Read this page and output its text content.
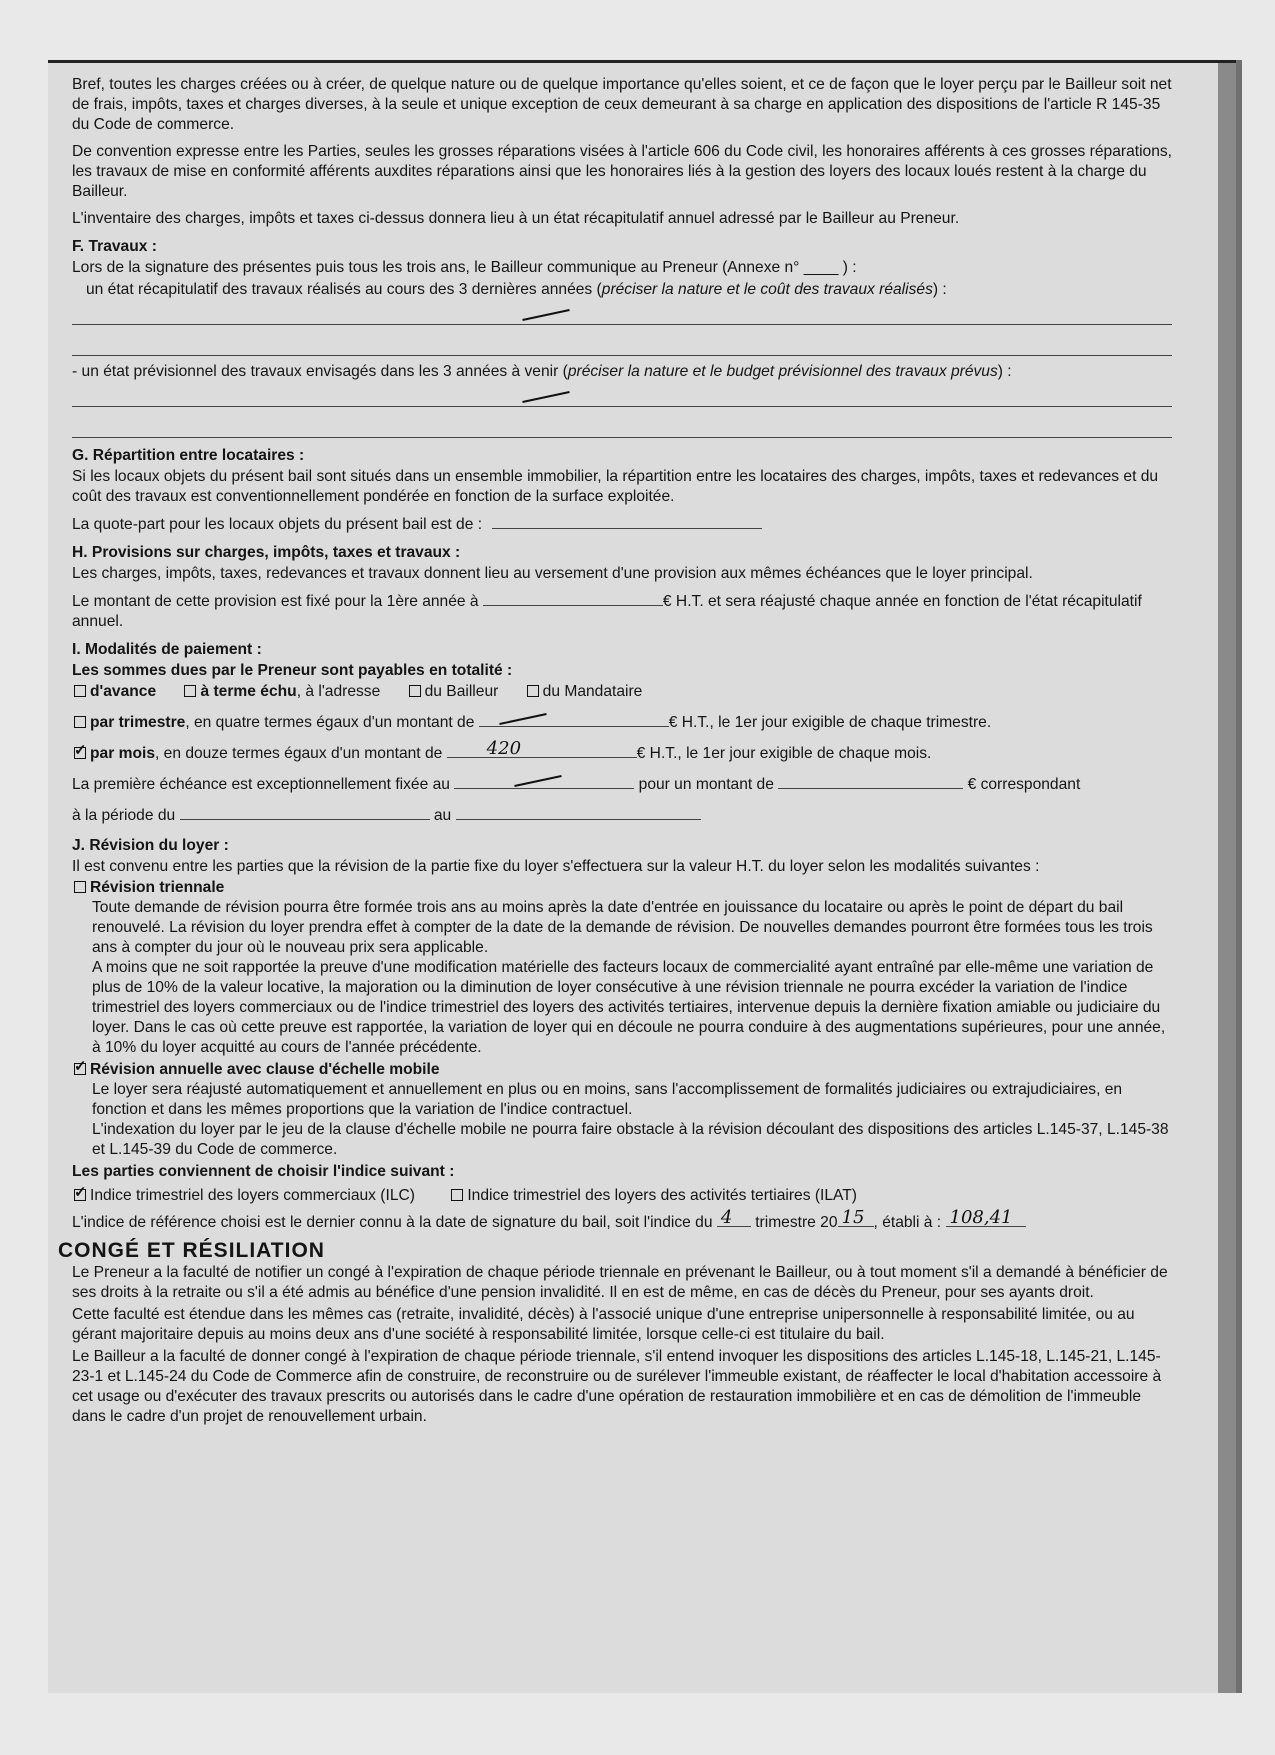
Bref, toutes les charges créées ou à créer, de quelque nature ou de quelque importance qu'elles soient, et ce de façon que le loyer perçu par le Bailleur soit net de frais, impôts, taxes et charges diverses, à la seule et unique exception de ceux demeurant à sa charge en application des dispositions de l'article R 145-35 du Code de commerce.

De convention expresse entre les Parties, seules les grosses réparations visées à l'article 606 du Code civil, les honoraires afférents à ces grosses réparations, les travaux de mise en conformité afférents auxdites réparations ainsi que les honoraires liés à la gestion des loyers des locaux loués restent à la charge du Bailleur.

L'inventaire des charges, impôts et taxes ci-dessus donnera lieu à un état récapitulatif annuel adressé par le Bailleur au Preneur.

F. Travaux :

Lors de la signature des présentes puis tous les trois ans, le Bailleur communique au Preneur (Annexe n° ____ ) :

un état récapitulatif des travaux réalisés au cours des 3 dernières années (préciser la nature et le coût des travaux réalisés) :

- un état prévisionnel des travaux envisagés dans les 3 années à venir (préciser la nature et le budget prévisionnel des travaux prévus) :

G. Répartition entre locataires :

Si les locaux objets du présent bail sont situés dans un ensemble immobilier, la répartition entre les locataires des charges, impôts, taxes et redevances et du coût des travaux est conventionnellement pondérée en fonction de la surface exploitée.

La quote-part pour les locaux objets du présent bail est de :

H. Provisions sur charges, impôts, taxes et travaux :

Les charges, impôts, taxes, redevances et travaux donnent lieu au versement d'une provision aux mêmes échéances que le loyer principal.

Le montant de cette provision est fixé pour la 1ère année à	€ H.T. et sera réajusté chaque année en fonction de l'état récapitulatif annuel.

I. Modalités de paiement :
Les sommes dues par le Preneur sont payables en totalité :
d'avance	à terme échu, à l'adresse	du Bailleur	du Mandataire
par trimestre, en quatre termes égaux d'un montant de	€ H.T., le 1er jour exigible de chaque trimestre.
✓par mois, en douze termes égaux d'un montant de 420	€ H.T., le 1er jour exigible de chaque mois.
La première échéance est exceptionnellement fixée au	pour un montant de	€ correspondant
à la période du	au
J. Révision du loyer :

Il est convenu entre les parties que la révision de la partie fixe du loyer s'effectuera sur la valeur H.T. du loyer selon les modalités suivantes :

Révision triennale

Toute demande de révision pourra être formée trois ans au moins après la date d'entrée en jouissance du locataire ou après le point de départ du bail renouvelé. La révision du loyer prendra effet à compter de la date de la demande de révision. De nouvelles demandes pourront être formées tous les trois ans à compter du jour où le nouveau prix sera applicable.

A moins que ne soit rapportée la preuve d'une modification matérielle des facteurs locaux de commercialité ayant entraîné par elle-même une variation de plus de 10% de la valeur locative, la majoration ou la diminution de loyer consécutive à une révision triennale ne pourra excéder la variation de l'indice trimestriel des loyers commerciaux ou de l'indice trimestriel des loyers des activités tertiaires, intervenue depuis la dernière fixation amiable ou judiciaire du loyer. Dans le cas où cette preuve est rapportée, la variation de loyer qui en découle ne pourra conduire à des augmentations supérieures, pour une année, à 10% du loyer acquitté au cours de l'année précédente.

✓Révision annuelle avec clause d'échelle mobile

Le loyer sera réajusté automatiquement et annuellement en plus ou en moins, sans l'accomplissement de formalités judiciaires ou extrajudiciaires, en fonction et dans les mêmes proportions que la variation de l'indice contractuel.

L'indexation du loyer par le jeu de la clause d'échelle mobile ne pourra faire obstacle à la révision découlant des dispositions des articles L.145-37, L.145-38 et L.145-39 du Code de commerce.

Les parties conviennent de choisir l'indice suivant :
✓Indice trimestriel des loyers commerciaux (ILC)	Indice trimestriel des loyers des activités tertiaires (ILAT)
L'indice de référence choisi est le dernier connu à la date de signature du bail, soit l'indice du 4 trimestre 20 15 , établi à : 108,41
CONGÉ ET RÉSILIATION

Le Preneur a la faculté de notifier un congé à l'expiration de chaque période triennale en prévenant le Bailleur, ou à tout moment s'il a demandé à bénéficier de ses droits à la retraite ou s'il a été admis au bénéfice d'une pension invalidité. Il en est de même, en cas de décès du Preneur, pour ses ayants droit.

Cette faculté est étendue dans les mêmes cas (retraite, invalidité, décès) à l'associé unique d'une entreprise unipersonnelle à responsabilité limitée, ou au gérant majoritaire depuis au moins deux ans d'une société à responsabilité limitée, lorsque celle-ci est titulaire du bail.

Le Bailleur a la faculté de donner congé à l'expiration de chaque période triennale, s'il entend invoquer les dispositions des articles L.145-18, L.145-21, L.145-23-1 et L.145-24 du Code de Commerce afin de construire, de reconstruire ou de surélever l'immeuble existant, de réaffecter le local d'habitation accessoire à cet usage ou d'exécuter des travaux prescrits ou autorisés dans le cadre d'une opération de restauration immobilière et en cas de démolition de l'immeuble dans le cadre d'un projet de renouvellement urbain.
